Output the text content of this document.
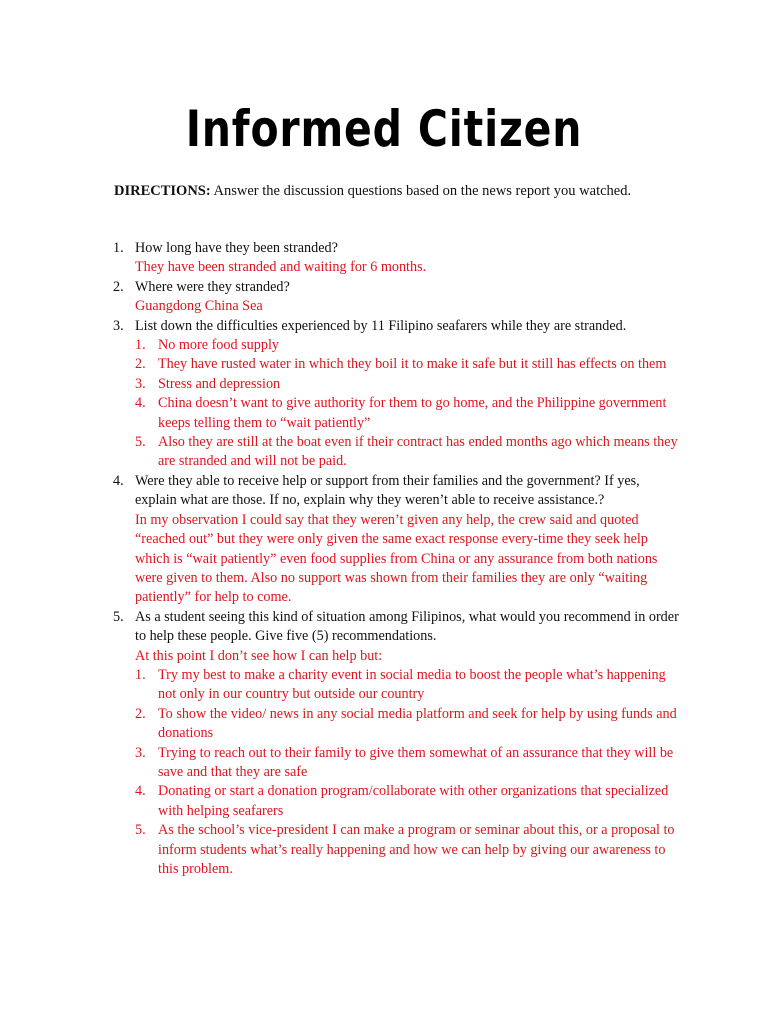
Informed Citizen
DIRECTIONS: Answer the discussion questions based on the news report you watched.
1. How long have they been stranded?
They have been stranded and waiting for 6 months.
2. Where were they stranded?
Guangdong China Sea
3. List down the difficulties experienced by 11 Filipino seafarers while they are stranded.
1. No more food supply
2. They have rusted water in which they boil it to make it safe but it still has effects on them
3. Stress and depression
4. China doesn’t want to give authority for them to go home, and the Philippine government keeps telling them to “wait patiently”
5. Also they are still at the boat even if their contract has ended months ago which means they are stranded and will not be paid.
4. Were they able to receive help or support from their families and the government? If yes, explain what are those. If no, explain why they weren’t able to receive assistance.?
In my observation I could say that they weren’t given any help, the crew said and quoted “reached out” but they were only given the same exact response every-time they seek help which is “wait patiently” even food supplies from China or any assurance from both nations were given to them. Also no support was shown from their families they are only “waiting patiently” for help to come.
5. As a student seeing this kind of situation among Filipinos, what would you recommend in order to help these people. Give five (5) recommendations.
At this point I don’t see how I can help but:
1. Try my best to make a charity event in social media to boost the people what’s happening not only in our country but outside our country
2. To show the video/ news in any social media platform and seek for help by using funds and donations
3. Trying to reach out to their family to give them somewhat of an assurance that they will be save and that they are safe
4. Donating or start a donation program/collaborate with other organizations that specialized with helping seafarers
5. As the school’s vice-president I can make a program or seminar about this, or a proposal to inform students what’s really happening and how we can help by giving our awareness to this problem.
